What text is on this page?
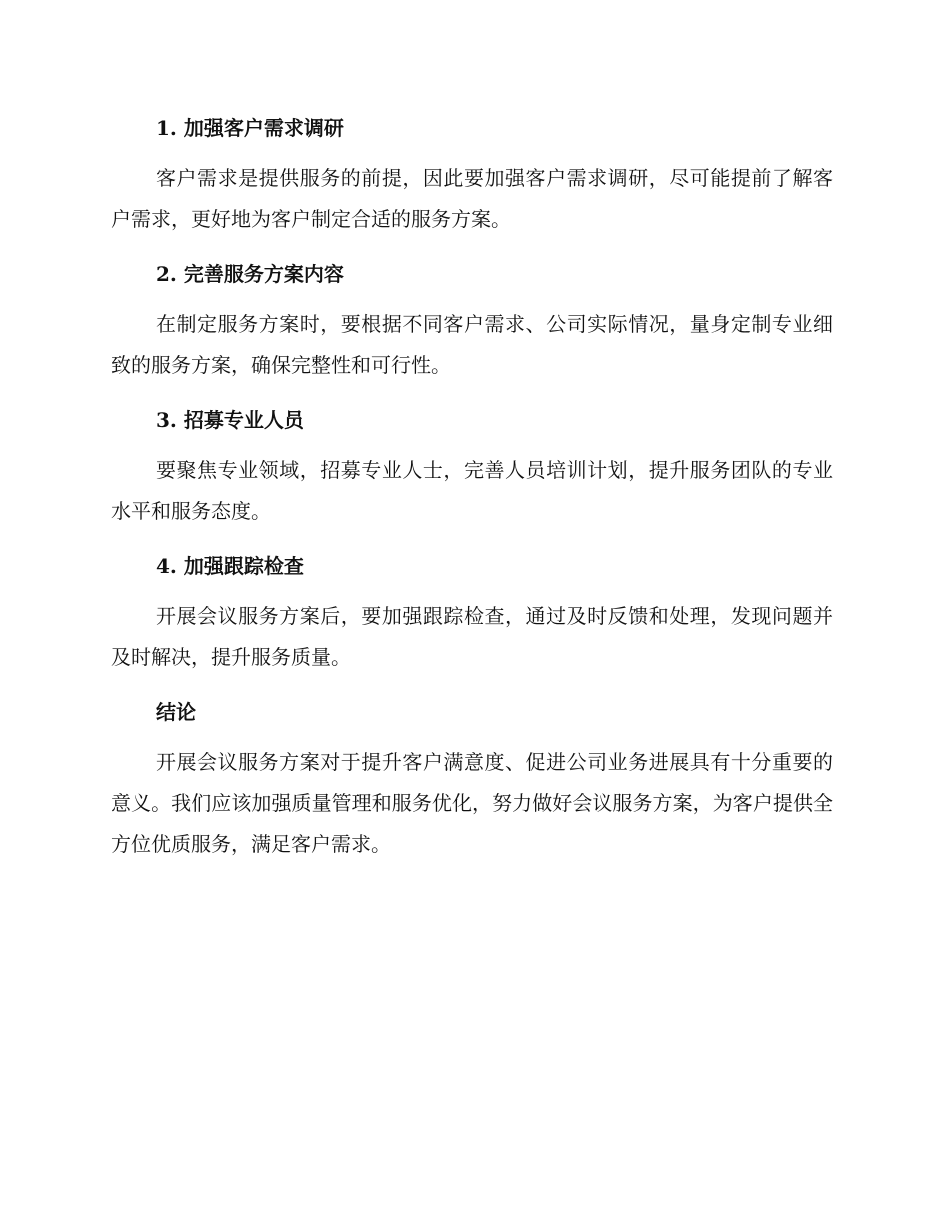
1. 加强客户需求调研

客户需求是提供服务的前提，因此要加强客户需求调研，尽可能提前了解客户需求，更好地为客户制定合适的服务方案。

2. 完善服务方案内容

在制定服务方案时，要根据不同客户需求、公司实际情况，量身定制专业细致的服务方案，确保完整性和可行性。

3. 招募专业人员

要聚焦专业领域，招募专业人士，完善人员培训计划，提升服务团队的专业水平和服务态度。

4. 加强跟踪检查

开展会议服务方案后，要加强跟踪检查，通过及时反馈和处理，发现问题并及时解决，提升服务质量。

结论

开展会议服务方案对于提升客户满意度、促进公司业务进展具有十分重要的意义。我们应该加强质量管理和服务优化，努力做好会议服务方案，为客户提供全方位优质服务，满足客户需求。
